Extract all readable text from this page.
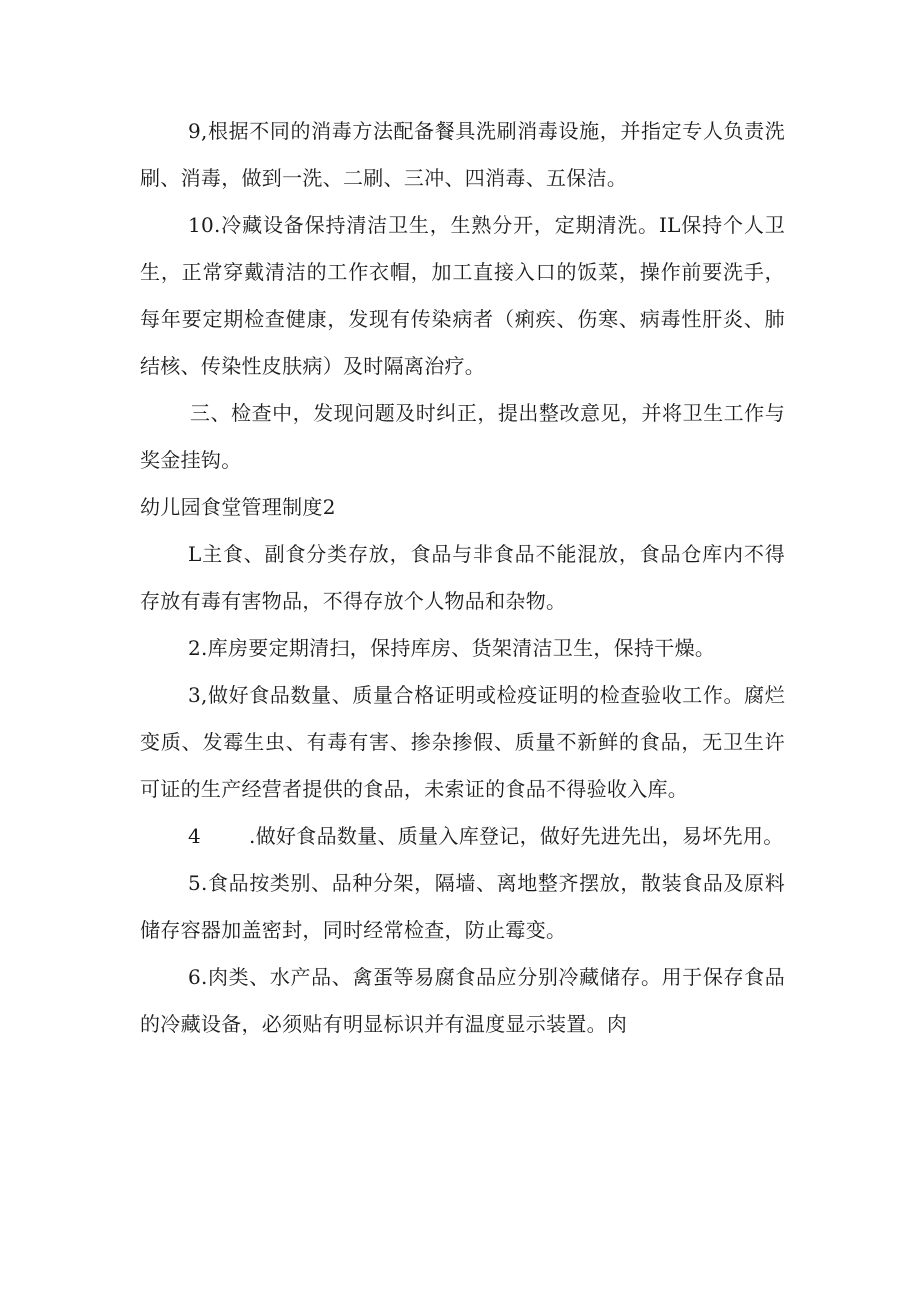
9,根据不同的消毒方法配备餐具洗刷消毒设施，并指定专人负责洗刷、消毒，做到一洗、二刷、三冲、四消毒、五保洁。

10.冷藏设备保持清洁卫生，生熟分开，定期清洗。IL保持个人卫生，正常穿戴清洁的工作衣帽，加工直接入口的饭菜，操作前要洗手，每年要定期检查健康，发现有传染病者（痢疾、伤寒、病毒性肝炎、肺结核、传染性皮肤病）及时隔离治疗。

三、检查中，发现问题及时纠正，提出整改意见，并将卫生工作与奖金挂钩。

幼儿园食堂管理制度2

L主食、副食分类存放，食品与非食品不能混放，食品仓库内不得存放有毒有害物品，不得存放个人物品和杂物。

2.库房要定期清扫，保持库房、货架清洁卫生，保持干燥。

3,做好食品数量、质量合格证明或检疫证明的检查验收工作。腐烂变质、发霉生虫、有毒有害、掺杂掺假、质量不新鲜的食品，无卫生许可证的生产经营者提供的食品，未索证的食品不得验收入库。

4 .做好食品数量、质量入库登记，做好先进先出，易坏先用。

5.食品按类别、品种分架，隔墙、离地整齐摆放，散装食品及原料储存容器加盖密封，同时经常检查，防止霉变。

6.肉类、水产品、禽蛋等易腐食品应分别冷藏储存。用于保存食品的冷藏设备，必须贴有明显标识并有温度显示装置。肉
